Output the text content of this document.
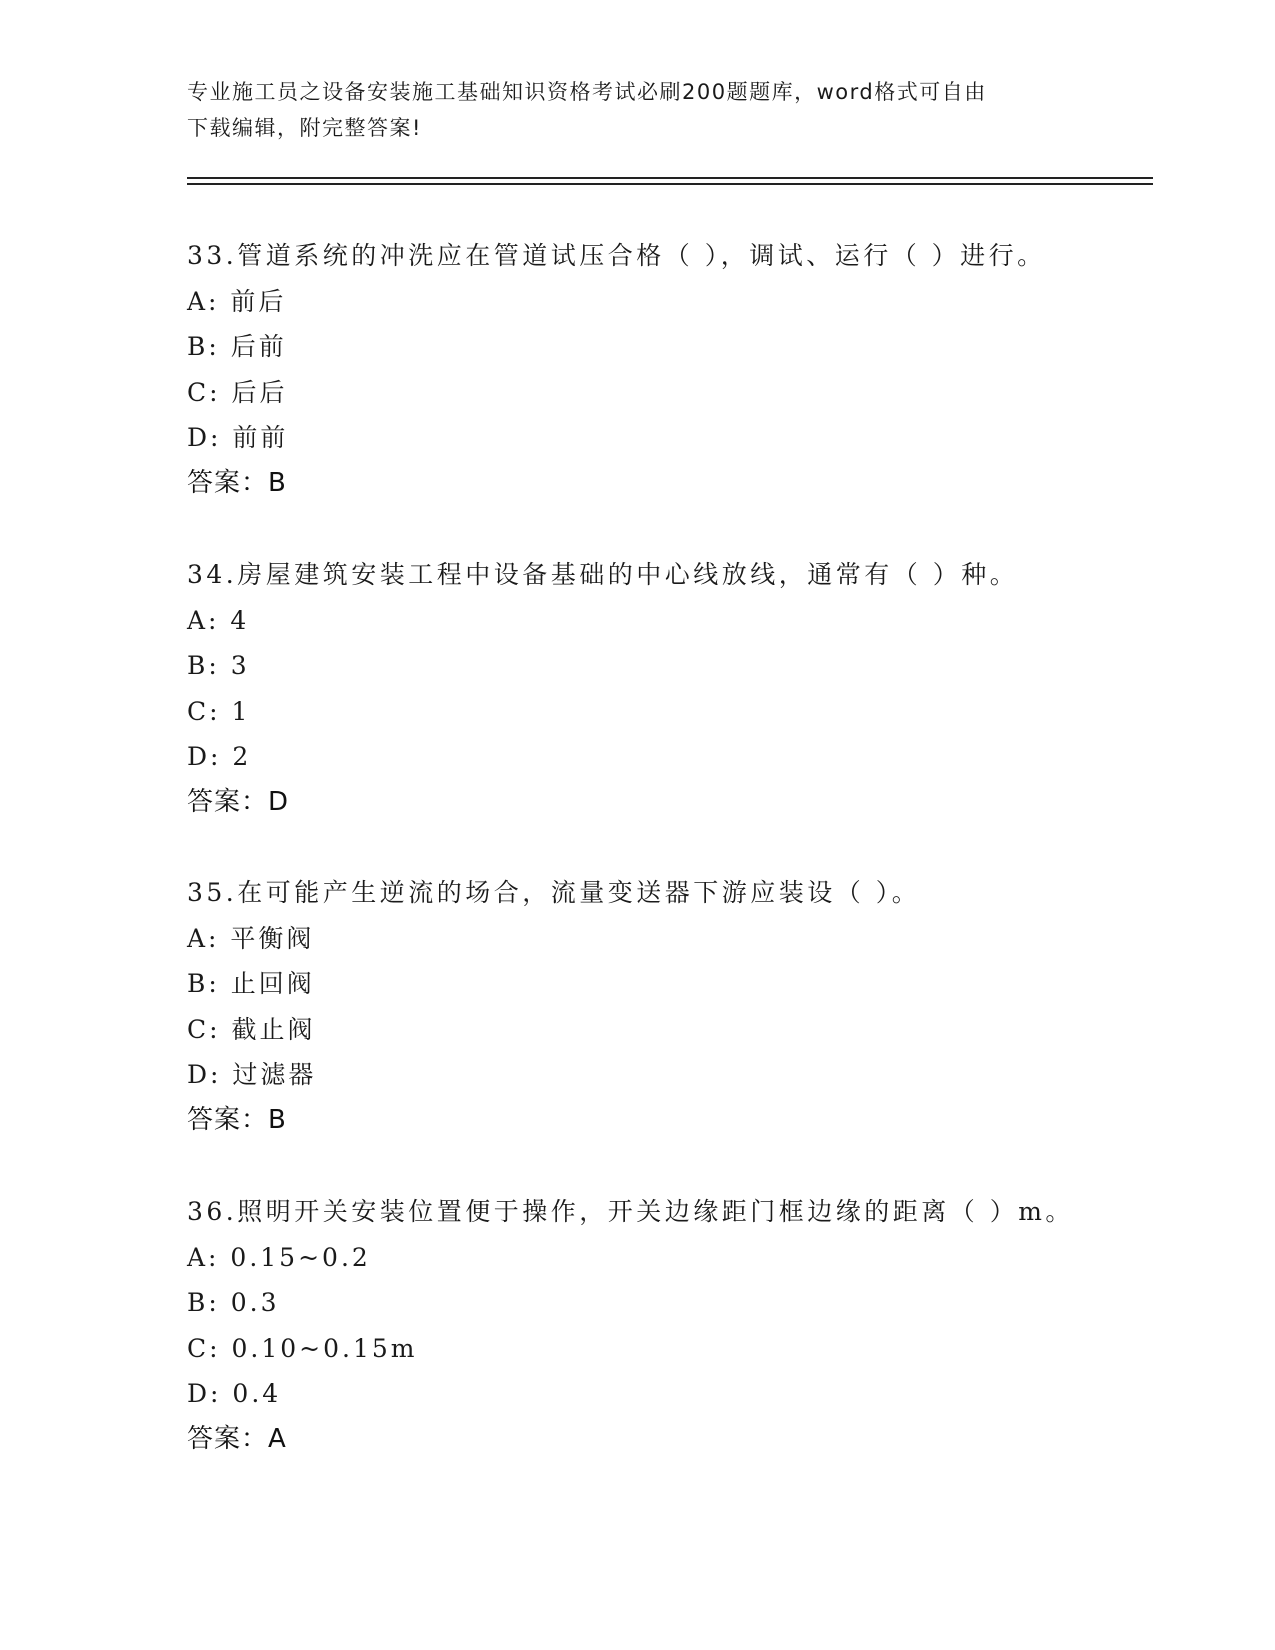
专业施工员之设备安装施工基础知识资格考试必刷200题题库，word格式可自由
下载编辑，附完整答案!
33.管道系统的冲洗应在管道试压合格（ ），调试、运行（ ）进行。
A: 前后
B: 后前
C: 后后
D: 前前
答案：B
34.房屋建筑安装工程中设备基础的中心线放线，通常有（ ）种。
A: 4
B: 3
C: 1
D: 2
答案：D
35.在可能产生逆流的场合，流量变送器下游应装设（ ）。
A: 平衡阀
B: 止回阀
C: 截止阀
D: 过滤器
答案：B
36.照明开关安装位置便于操作，开关边缘距门框边缘的距离（ ）m。
A: 0.15~0.2
B: 0.3
C: 0.10~0.15m
D: 0.4
答案：A
